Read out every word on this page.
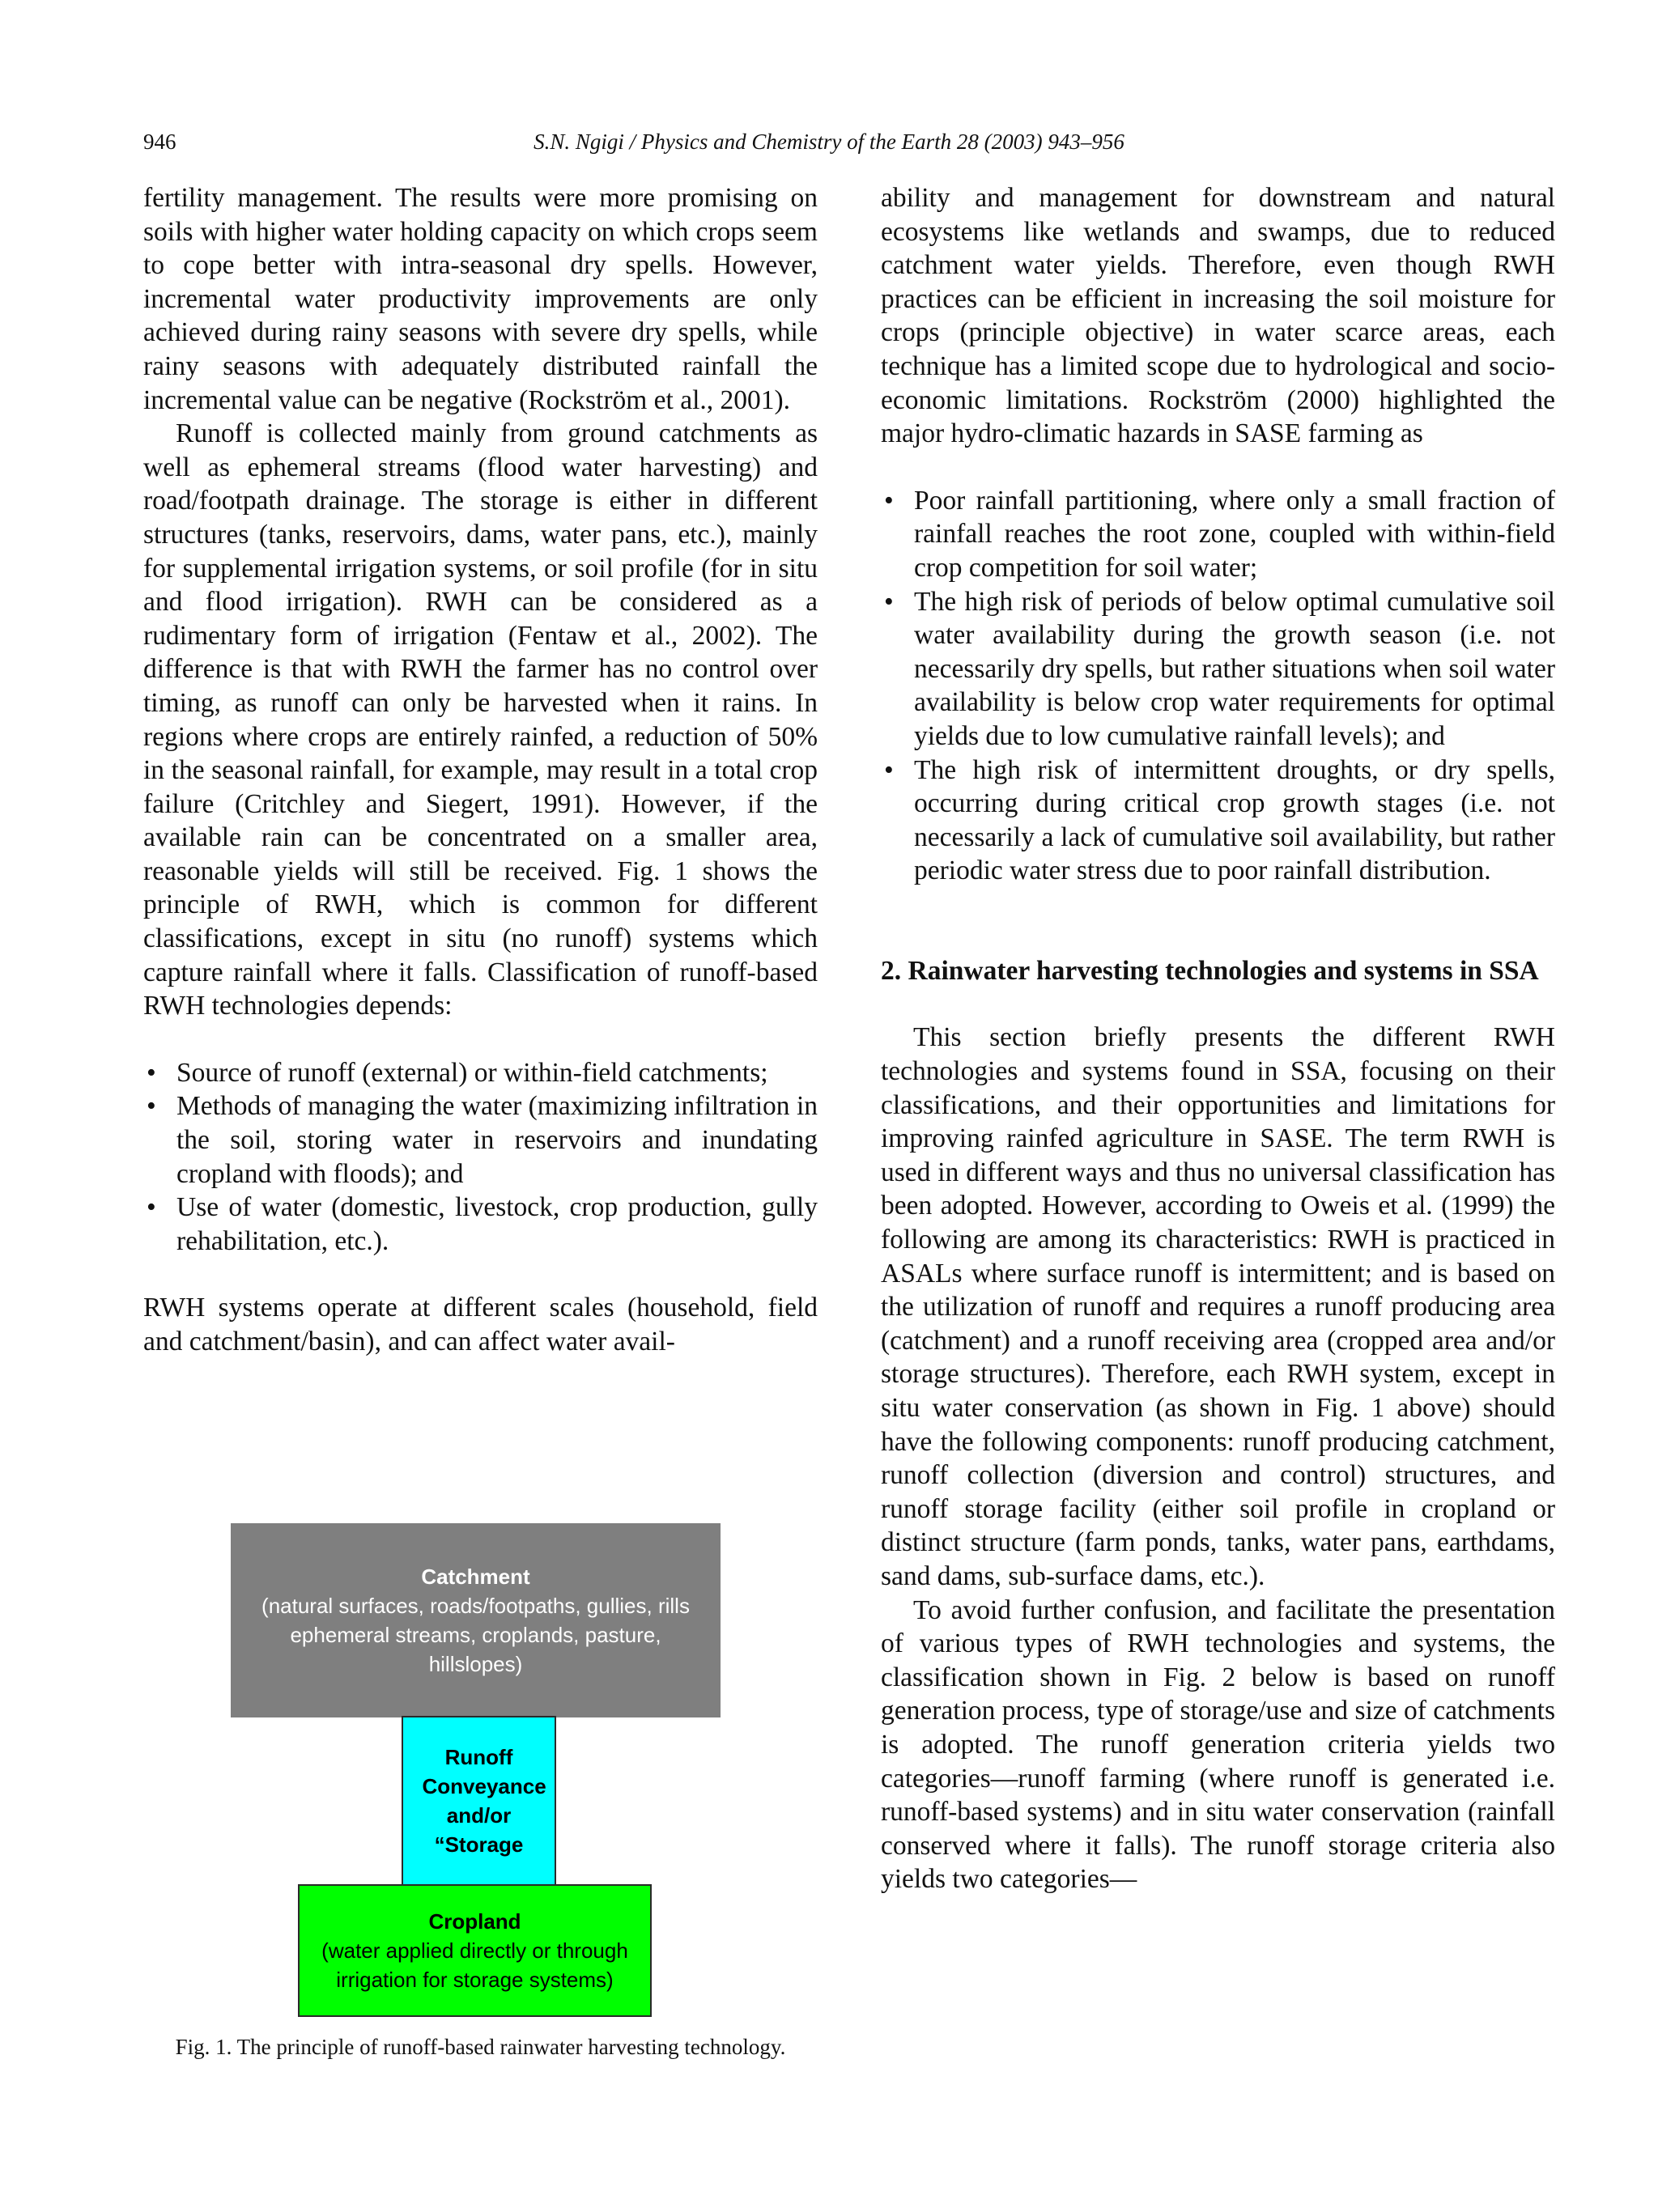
946	S.N. Ngigi / Physics and Chemistry of the Earth 28 (2003) 943–956

fertility management. The results were more promising on soils with higher water holding capacity on which crops seem to cope better with intra-seasonal dry spells. However, incremental water productivity improvements are only achieved during rainy seasons with severe dry spells, while rainy seasons with adequately distributed rainfall the incremental value can be negative (Rockström et al., 2001).

Runoff is collected mainly from ground catchments as well as ephemeral streams (flood water harvesting) and road/footpath drainage. The storage is either in different structures (tanks, reservoirs, dams, water pans, etc.), mainly for supplemental irrigation systems, or soil profile (for in situ and flood irrigation). RWH can be considered as a rudimentary form of irrigation (Fentaw et al., 2002). The difference is that with RWH the farmer has no control over timing, as runoff can only be harvested when it rains. In regions where crops are entirely rainfed, a reduction of 50% in the seasonal rainfall, for example, may result in a total crop failure (Critchley and Siegert, 1991). However, if the available rain can be concentrated on a smaller area, reasonable yields will still be received. Fig. 1 shows the principle of RWH, which is common for different classifications, except in situ (no runoff) systems which capture rainfall where it falls. Classification of runoff-based RWH technologies depends:

• Source of runoff (external) or within-field catchments;
• Methods of managing the water (maximizing infiltration in the soil, storing water in reservoirs and inundating cropland with floods); and
• Use of water (domestic, livestock, crop production, gully rehabilitation, etc.).

RWH systems operate at different scales (household, field and catchment/basin), and can affect water avail-

Catchment
(natural surfaces, roads/footpaths, gullies, rills ephemeral streams, croplands, pasture, hillslopes)
Runoff Conveyance and/or “Storage
Cropland
(water applied directly or through irrigation for storage systems)
Fig. 1. The principle of runoff-based rainwater harvesting technology.

ability and management for downstream and natural ecosystems like wetlands and swamps, due to reduced catchment water yields. Therefore, even though RWH practices can be efficient in increasing the soil moisture for crops (principle objective) in water scarce areas, each technique has a limited scope due to hydrological and socio-economic limitations. Rockström (2000) highlighted the major hydro-climatic hazards in SASE farming as

• Poor rainfall partitioning, where only a small fraction of rainfall reaches the root zone, coupled with within-field crop competition for soil water;
• The high risk of periods of below optimal cumulative soil water availability during the growth season (i.e. not necessarily dry spells, but rather situations when soil water availability is below crop water requirements for optimal yields due to low cumulative rainfall levels); and
• The high risk of intermittent droughts, or dry spells, occurring during critical crop growth stages (i.e. not necessarily a lack of cumulative soil availability, but rather periodic water stress due to poor rainfall distribution.

2. Rainwater harvesting technologies and systems in SSA

This section briefly presents the different RWH technologies and systems found in SSA, focusing on their classifications, and their opportunities and limitations for improving rainfed agriculture in SASE. The term RWH is used in different ways and thus no universal classification has been adopted. However, according to Oweis et al. (1999) the following are among its characteristics: RWH is practiced in ASALs where surface runoff is intermittent; and is based on the utilization of runoff and requires a runoff producing area (catchment) and a runoff receiving area (cropped area and/or storage structures). Therefore, each RWH system, except in situ water conservation (as shown in Fig. 1 above) should have the following components: runoff producing catchment, runoff collection (diversion and control) structures, and runoff storage facility (either soil profile in cropland or distinct structure (farm ponds, tanks, water pans, earthdams, sand dams, sub-surface dams, etc.).

To avoid further confusion, and facilitate the presentation of various types of RWH technologies and systems, the classification shown in Fig. 2 below is based on runoff generation process, type of storage/use and size of catchments is adopted. The runoff generation criteria yields two categories—runoff farming (where runoff is generated i.e. runoff-based systems) and in situ water conservation (rainfall conserved where it falls). The runoff storage criteria also yields two categories—
